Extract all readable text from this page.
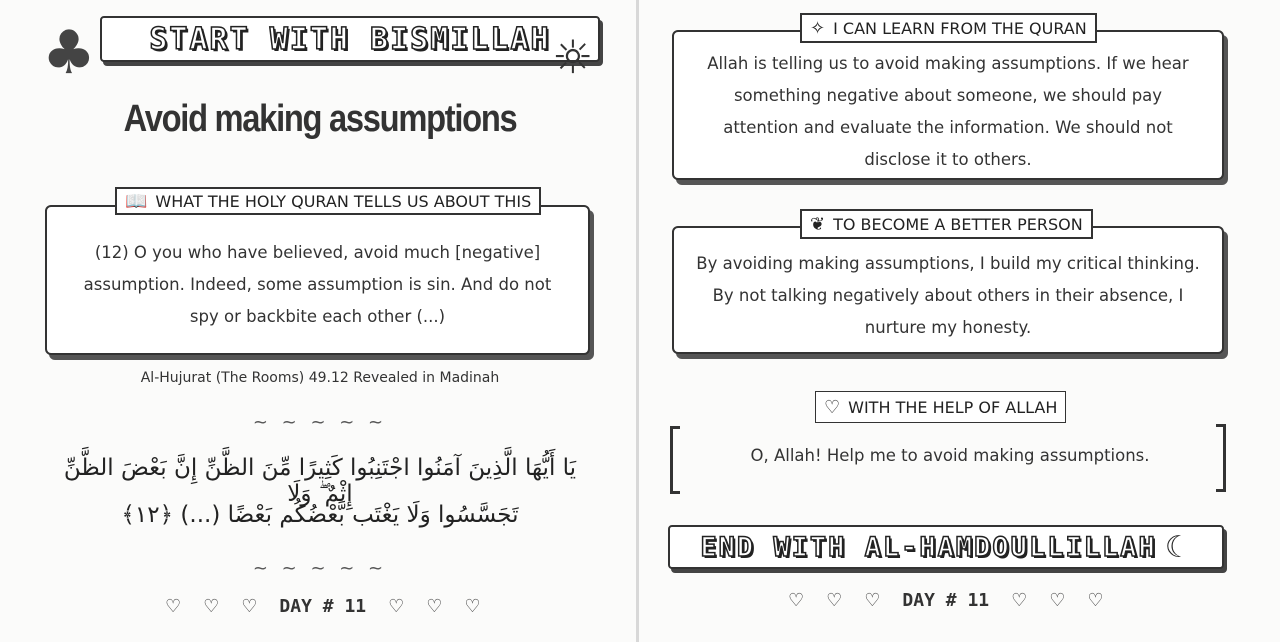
♣ START WITH BISMILLAH ☼
Avoid making assumptions
(12) O you who have believed, avoid much [negative] assumption. Indeed, some assumption is sin. And do not spy or backbite each other (...)
📖 WHAT THE HOLY QURAN TELLS US ABOUT THIS
Al-Hujurat (The Rooms) 49.12 Revealed in Madinah
~ ~ ~ ~ ~
يَا أَيُّهَا الَّذِينَ آمَنُوا اجْتَنِبُوا كَثِيرًا مِّنَ الظَّنِّ إِنَّ بَعْضَ الظَّنِّ إِثْمٌ ۖ وَلَا
تَجَسَّسُوا وَلَا يَغْتَب بَّعْضُكُم بَعْضًا (...) ﴿١٢﴾
~ ~ ~ ~ ~
♡ ♡ ♡ DAY # 11 ♡ ♡ ♡
Allah is telling us to avoid making assumptions. If we hear something negative about someone, we should pay attention and evaluate the information. We should not disclose it to others.
✧ I CAN LEARN FROM THE QURAN
By avoiding making assumptions, I build my critical thinking. By not talking negatively about others in their absence, I nurture my honesty.
❦ TO BECOME A BETTER PERSON
♡ WITH THE HELP OF ALLAH
O, Allah! Help me to avoid making assumptions.
END WITH AL-HAMDOULLILLAH ☾
♡ ♡ ♡ DAY # 11 ♡ ♡ ♡
